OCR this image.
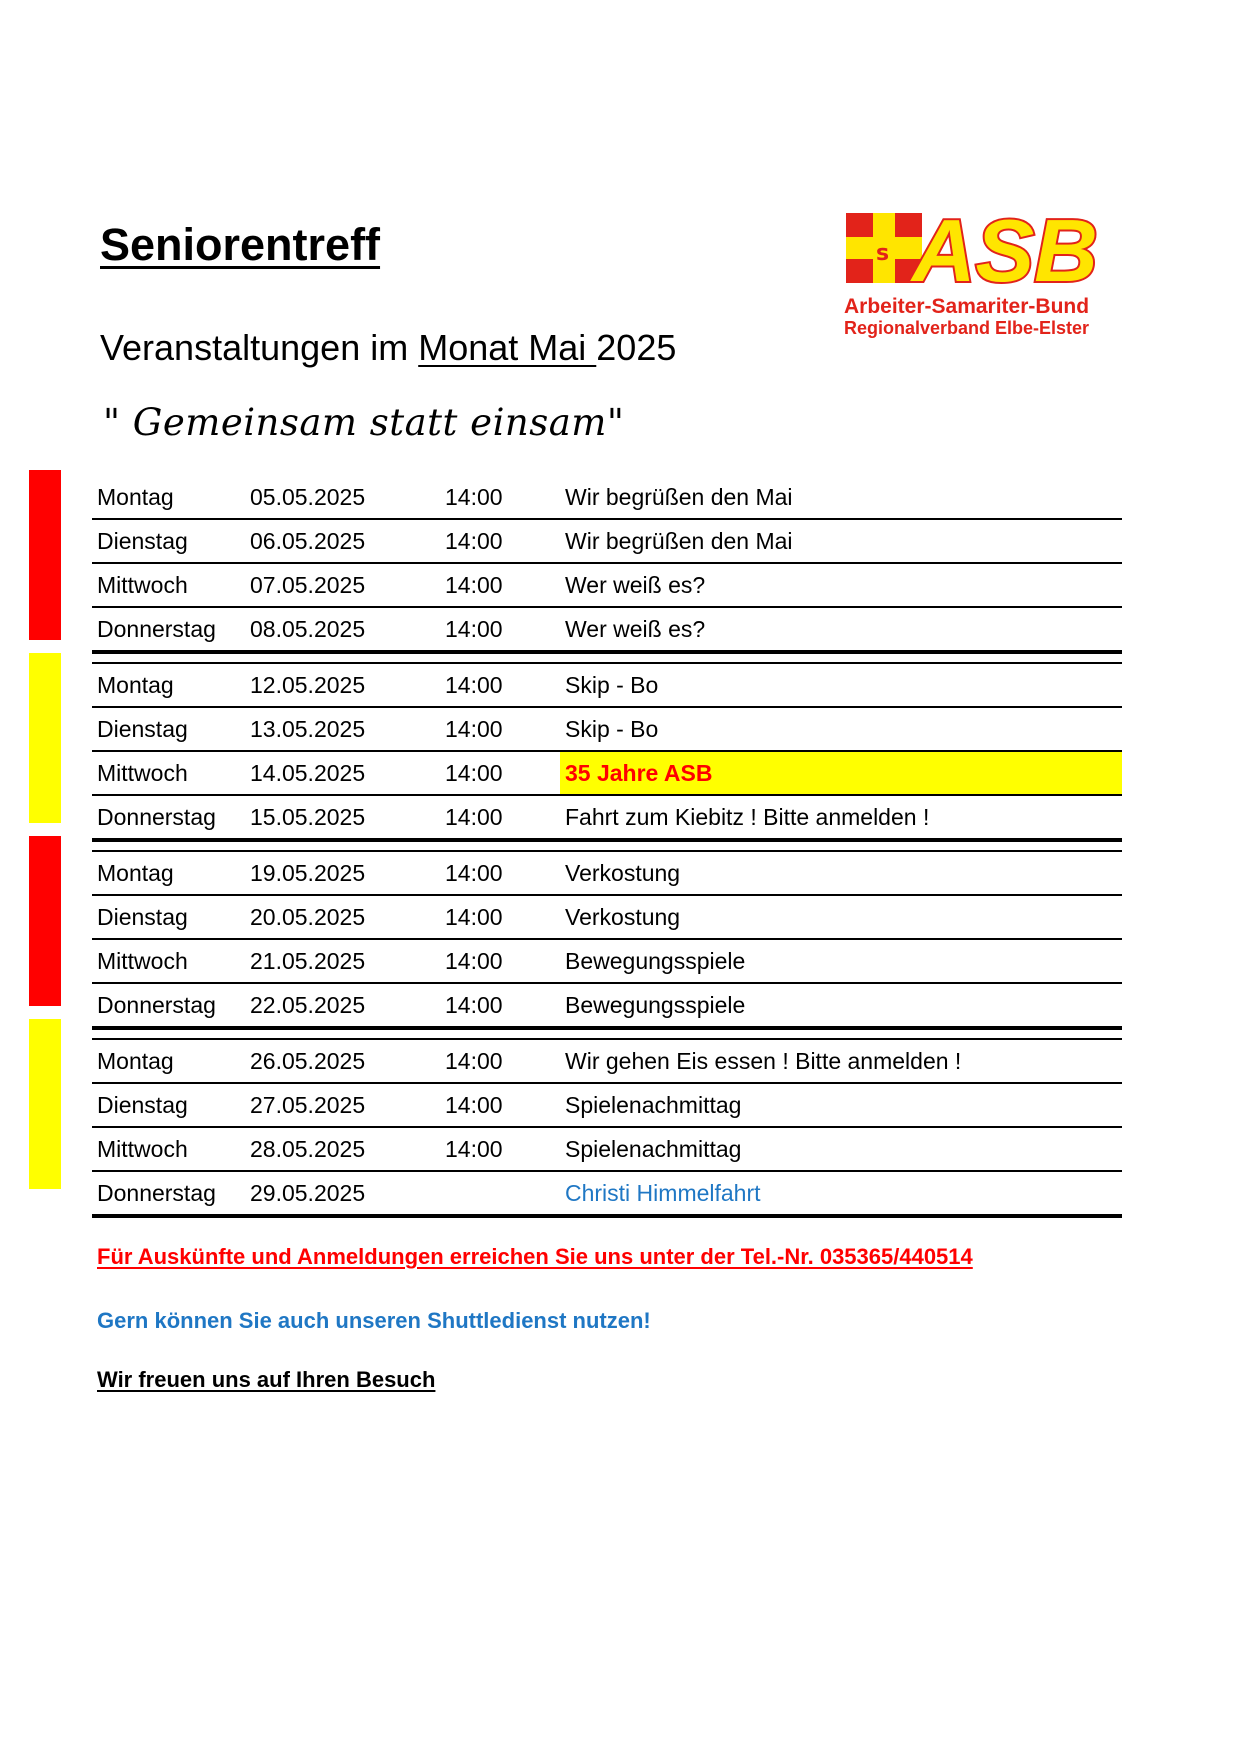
Seniorentreff
Veranstaltungen im Monat Mai 2025
" Gemeinsam statt einsam"
s ASB
Arbeiter-Samariter-Bund
Regionalverband Elbe-Elster
Montag	05.05.2025	14:00	Wir begrüßen den Mai
Dienstag	06.05.2025	14:00	Wir begrüßen den Mai
Mittwoch	07.05.2025	14:00	Wer weiß es?
Donnerstag	08.05.2025	14:00	Wer weiß es?

Montag	12.05.2025	14:00	Skip - Bo
Dienstag	13.05.2025	14:00	Skip - Bo
Mittwoch	14.05.2025	14:00	35 Jahre ASB
Donnerstag	15.05.2025	14:00	Fahrt zum Kiebitz ! Bitte anmelden !

Montag	19.05.2025	14:00	Verkostung
Dienstag	20.05.2025	14:00	Verkostung
Mittwoch	21.05.2025	14:00	Bewegungsspiele
Donnerstag	22.05.2025	14:00	Bewegungsspiele

Montag	26.05.2025	14:00	Wir gehen Eis essen ! Bitte anmelden !
Dienstag	27.05.2025	14:00	Spielenachmittag
Mittwoch	28.05.2025	14:00	Spielenachmittag
Donnerstag	29.05.2025		Christi Himmelfahrt
Für Auskünfte und Anmeldungen erreichen Sie uns unter der Tel.-Nr. 035365/440514
Gern können Sie auch unseren Shuttledienst nutzen!
Wir freuen uns auf Ihren Besuch
